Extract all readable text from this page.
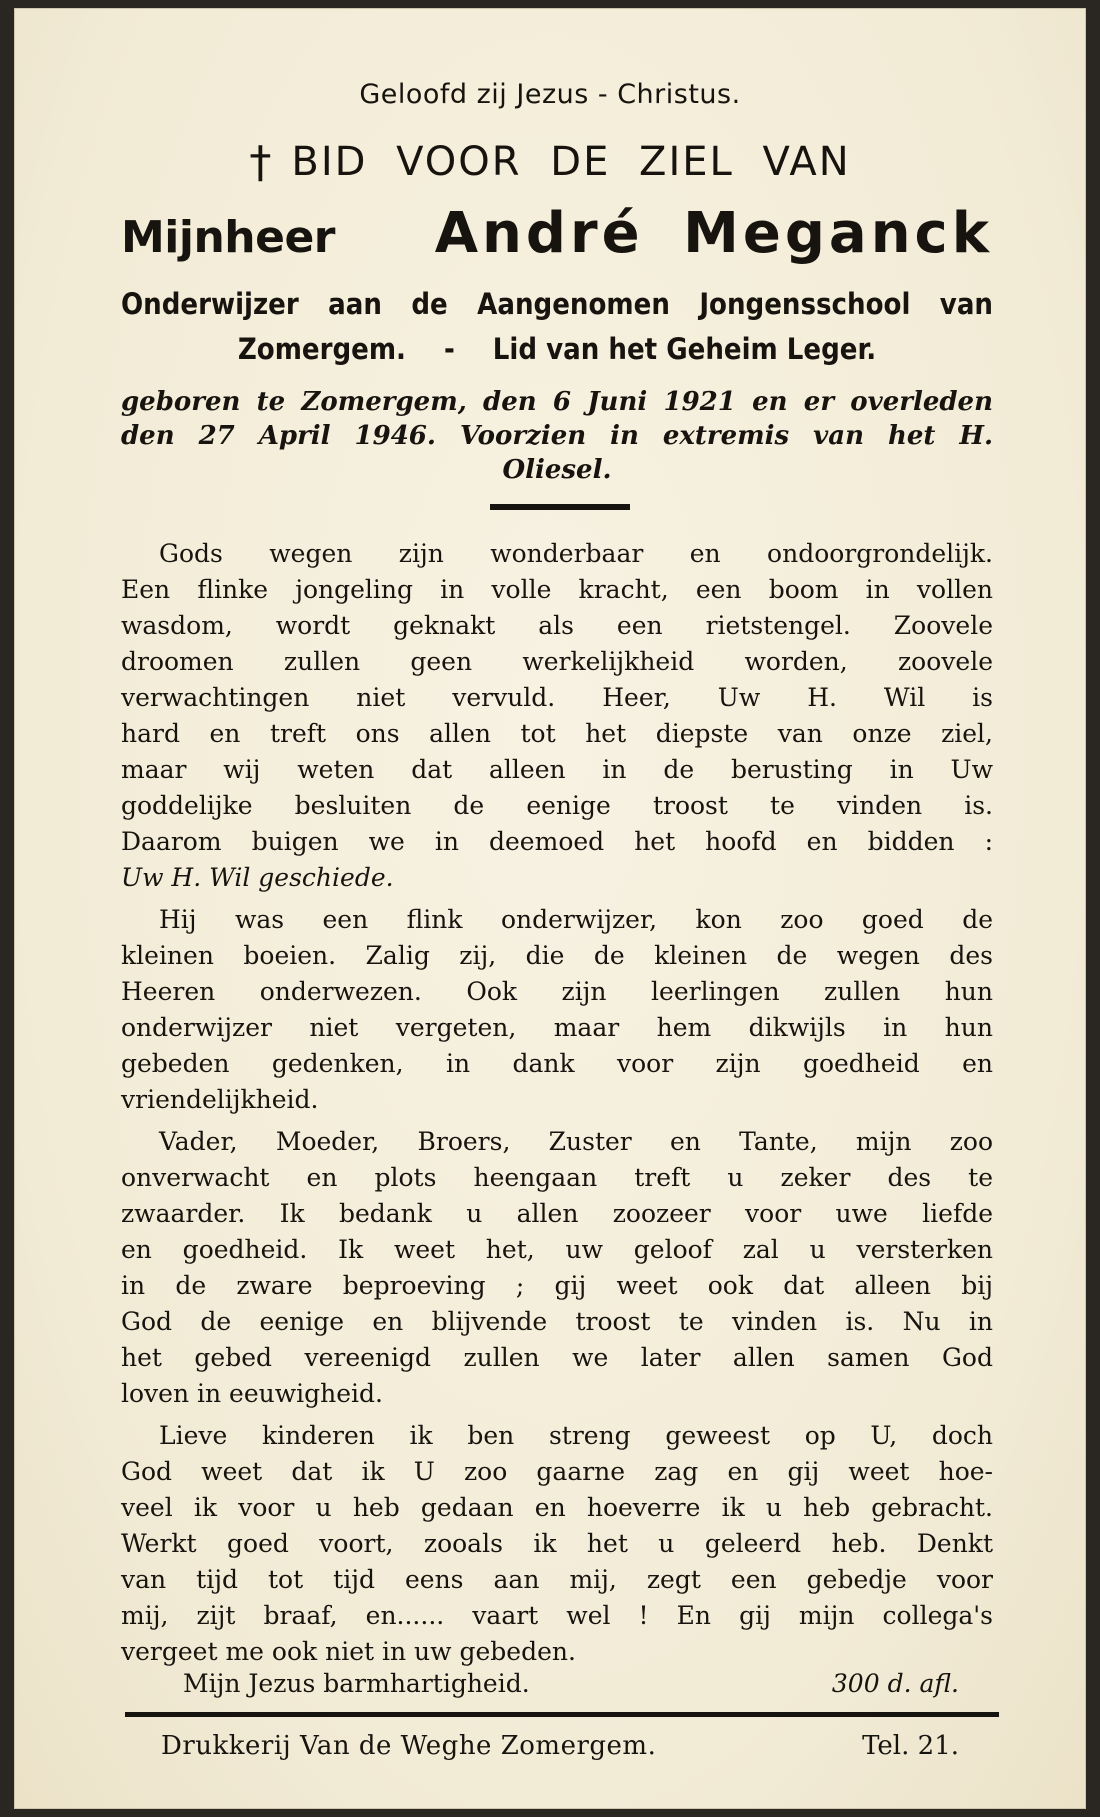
Geloofd zij Jezus - Christus.
† BID VOOR DE ZIEL VAN
Mijnheer André Meganck
Onderwijzer aan de Aangenomen Jongensschool van
Zomergem. - Lid van het Geheim Leger.
geboren te Zomergem, den 6 Juni 1921 en er overleden
den 27 April 1946. Voorzien in extremis van het H.
Oliesel.

Gods wegen zijn wonderbaar en ondoorgrondelijk.
Een flinke jongeling in volle kracht, een boom in vollen
wasdom, wordt geknakt als een rietstengel. Zoovele
droomen zullen geen werkelijkheid worden, zoovele
verwachtingen niet vervuld. Heer, Uw H. Wil is
hard en treft ons allen tot het diepste van onze ziel,
maar wij weten dat alleen in de berusting in Uw
goddelijke besluiten de eenige troost te vinden is.
Daarom buigen we in deemoed het hoofd en bidden :
Uw H. Wil geschiede.

Hij was een flink onderwijzer, kon zoo goed de
kleinen boeien. Zalig zij, die de kleinen de wegen des
Heeren onderwezen. Ook zijn leerlingen zullen hun
onderwijzer niet vergeten, maar hem dikwijls in hun
gebeden gedenken, in dank voor zijn goedheid en
vriendelijkheid.

Vader, Moeder, Broers, Zuster en Tante, mijn zoo
onverwacht en plots heengaan treft u zeker des te
zwaarder. Ik bedank u allen zoozeer voor uwe liefde
en goedheid. Ik weet het, uw geloof zal u versterken
in de zware beproeving ; gij weet ook dat alleen bij
God de eenige en blijvende troost te vinden is. Nu in
het gebed vereenigd zullen we later allen samen God
loven in eeuwigheid.

Lieve kinderen ik ben streng geweest op U, doch
God weet dat ik U zoo gaarne zag en gij weet hoe-
veel ik voor u heb gedaan en hoeverre ik u heb gebracht.
Werkt goed voort, zooals ik het u geleerd heb. Denkt
van tijd tot tijd eens aan mij, zegt een gebedje voor
mij, zijt braaf, en...... vaart wel ! En gij mijn collega's
vergeet me ook niet in uw gebeden.

Mijn Jezus barmhartigheid.	300 d. afl.
Drukkerij Van de Weghe Zomergem.	Tel. 21.
